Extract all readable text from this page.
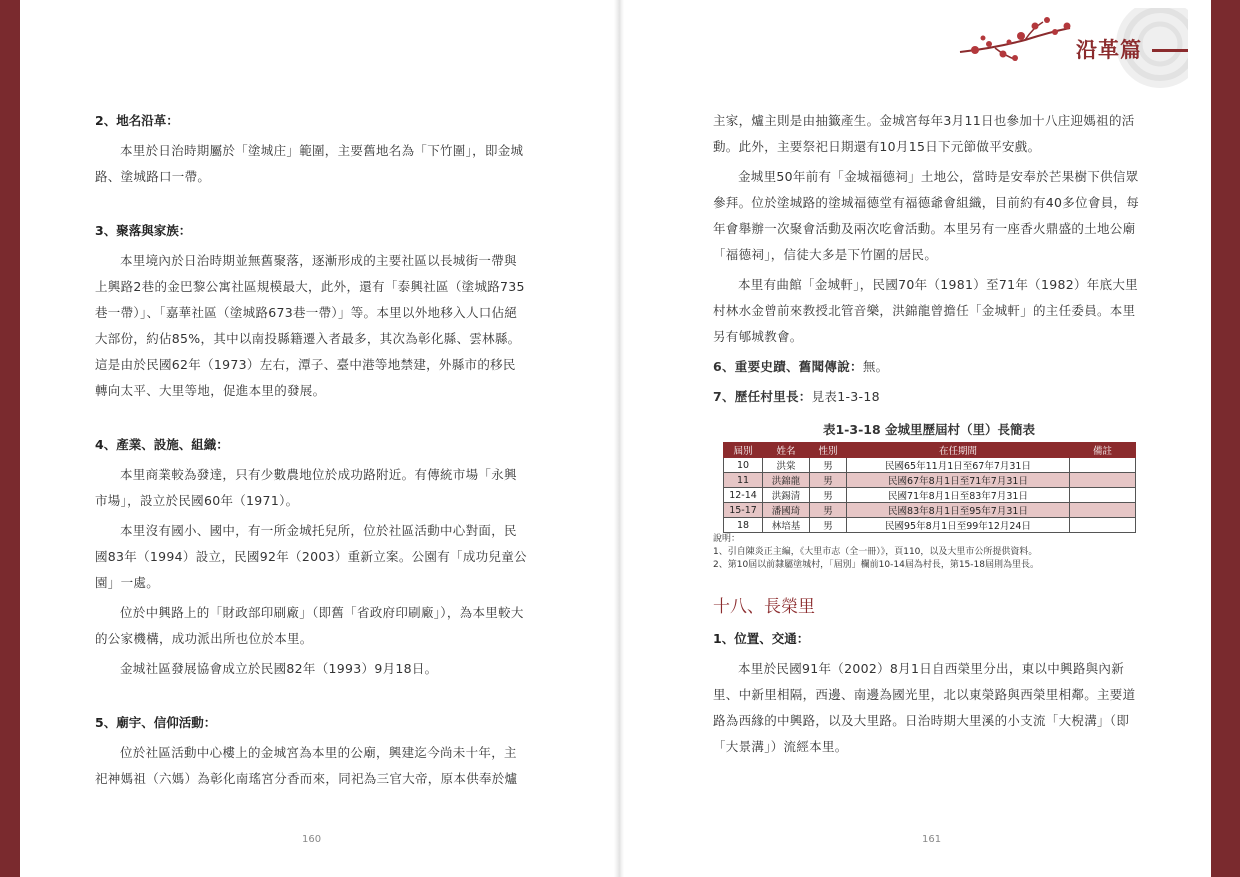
沿革篇

2、地名沿革：

本里於日治時期屬於「塗城庄」範圍，主要舊地名為「下竹圍」，即金城路、塗城路口一帶。

3、聚落與家族：

本里境內於日治時期並無舊聚落，逐漸形成的主要社區以長城街一帶與上興路2巷的金巴黎公寓社區規模最大，此外，還有「泰興社區（塗城路735巷一帶）」、「嘉華社區（塗城路673巷一帶）」等。本里以外地移入人口佔絕大部份，約佔85%，其中以南投縣籍遷入者最多，其次為彰化縣、雲林縣。這是由於民國62年（1973）左右，潭子、臺中港等地禁建，外縣市的移民轉向太平、大里等地，促進本里的發展。

4、產業、設施、組織：

本里商業較為發達，只有少數農地位於成功路附近。有傳統市場「永興市場」，設立於民國60年（1971）。

本里沒有國小、國中，有一所金城托兒所，位於社區活動中心對面，民國83年（1994）設立，民國92年（2003）重新立案。公園有「成功兒童公園」一處。

位於中興路上的「財政部印刷廠」（即舊「省政府印刷廠」），為本里較大的公家機構，成功派出所也位於本里。

金城社區發展協會成立於民國82年（1993）9月18日。

5、廟宇、信仰活動：

位於社區活動中心樓上的金城宮為本里的公廟，興建迄今尚未十年，主祀神媽祖（六媽）為彰化南瑤宮分香而來，同祀為三官大帝，原本供奉於爐

160

主家，爐主則是由抽籤產生。金城宮每年3月11日也參加十八庄迎媽祖的活動。此外，主要祭祀日期還有10月15日下元節做平安戲。

金城里50年前有「金城福德祠」土地公，當時是安奉於芒果樹下供信眾參拜。位於塗城路的塗城福德堂有福德爺會組織，目前約有40多位會員，每年會舉辦一次聚會活動及兩次吃會活動。本里另有一座香火鼎盛的土地公廟「福德祠」，信徒大多是下竹圍的居民。

本里有曲館「金城軒」，民國70年（1981）至71年（1982）年底大里村林水金曾前來教授北管音樂，洪錦龍曾擔任「金城軒」的主任委員。本里另有郇城教會。

6、重要史蹟、舊聞傳說：無。

7、歷任村里長：見表1-3-18

表1-3-18 金城里歷屆村（里）長簡表
屆別	姓名	性別	在任期間	備註
10	洪棠	男	民國65年11月1日至67年7月31日	
11	洪錦龍	男	民國67年8月1日至71年7月31日	
12-14	洪錫清	男	民國71年8月1日至83年7月31日	
15-17	潘國琦	男	民國83年8月1日至95年7月31日	
18	林培基	男	民國95年8月1日至99年12月24日	
說明：
1、引自陳炎正主編，《大里市志（全一冊）》，頁110，以及大里市公所提供資料。
2、第10屆以前隸屬塗城村，「屆別」欄前10-14屆為村長，第15-18屆則為里長。

十八、長榮里

1、位置、交通：

本里於民國91年（2002）8月1日自西榮里分出，東以中興路與內新里、中新里相隔，西邊、南邊為國光里，北以東榮路與西榮里相鄰。主要道路為西緣的中興路，以及大里路。日治時期大里溪的小支流「大棿溝」（即「大景溝」）流經本里。

161
